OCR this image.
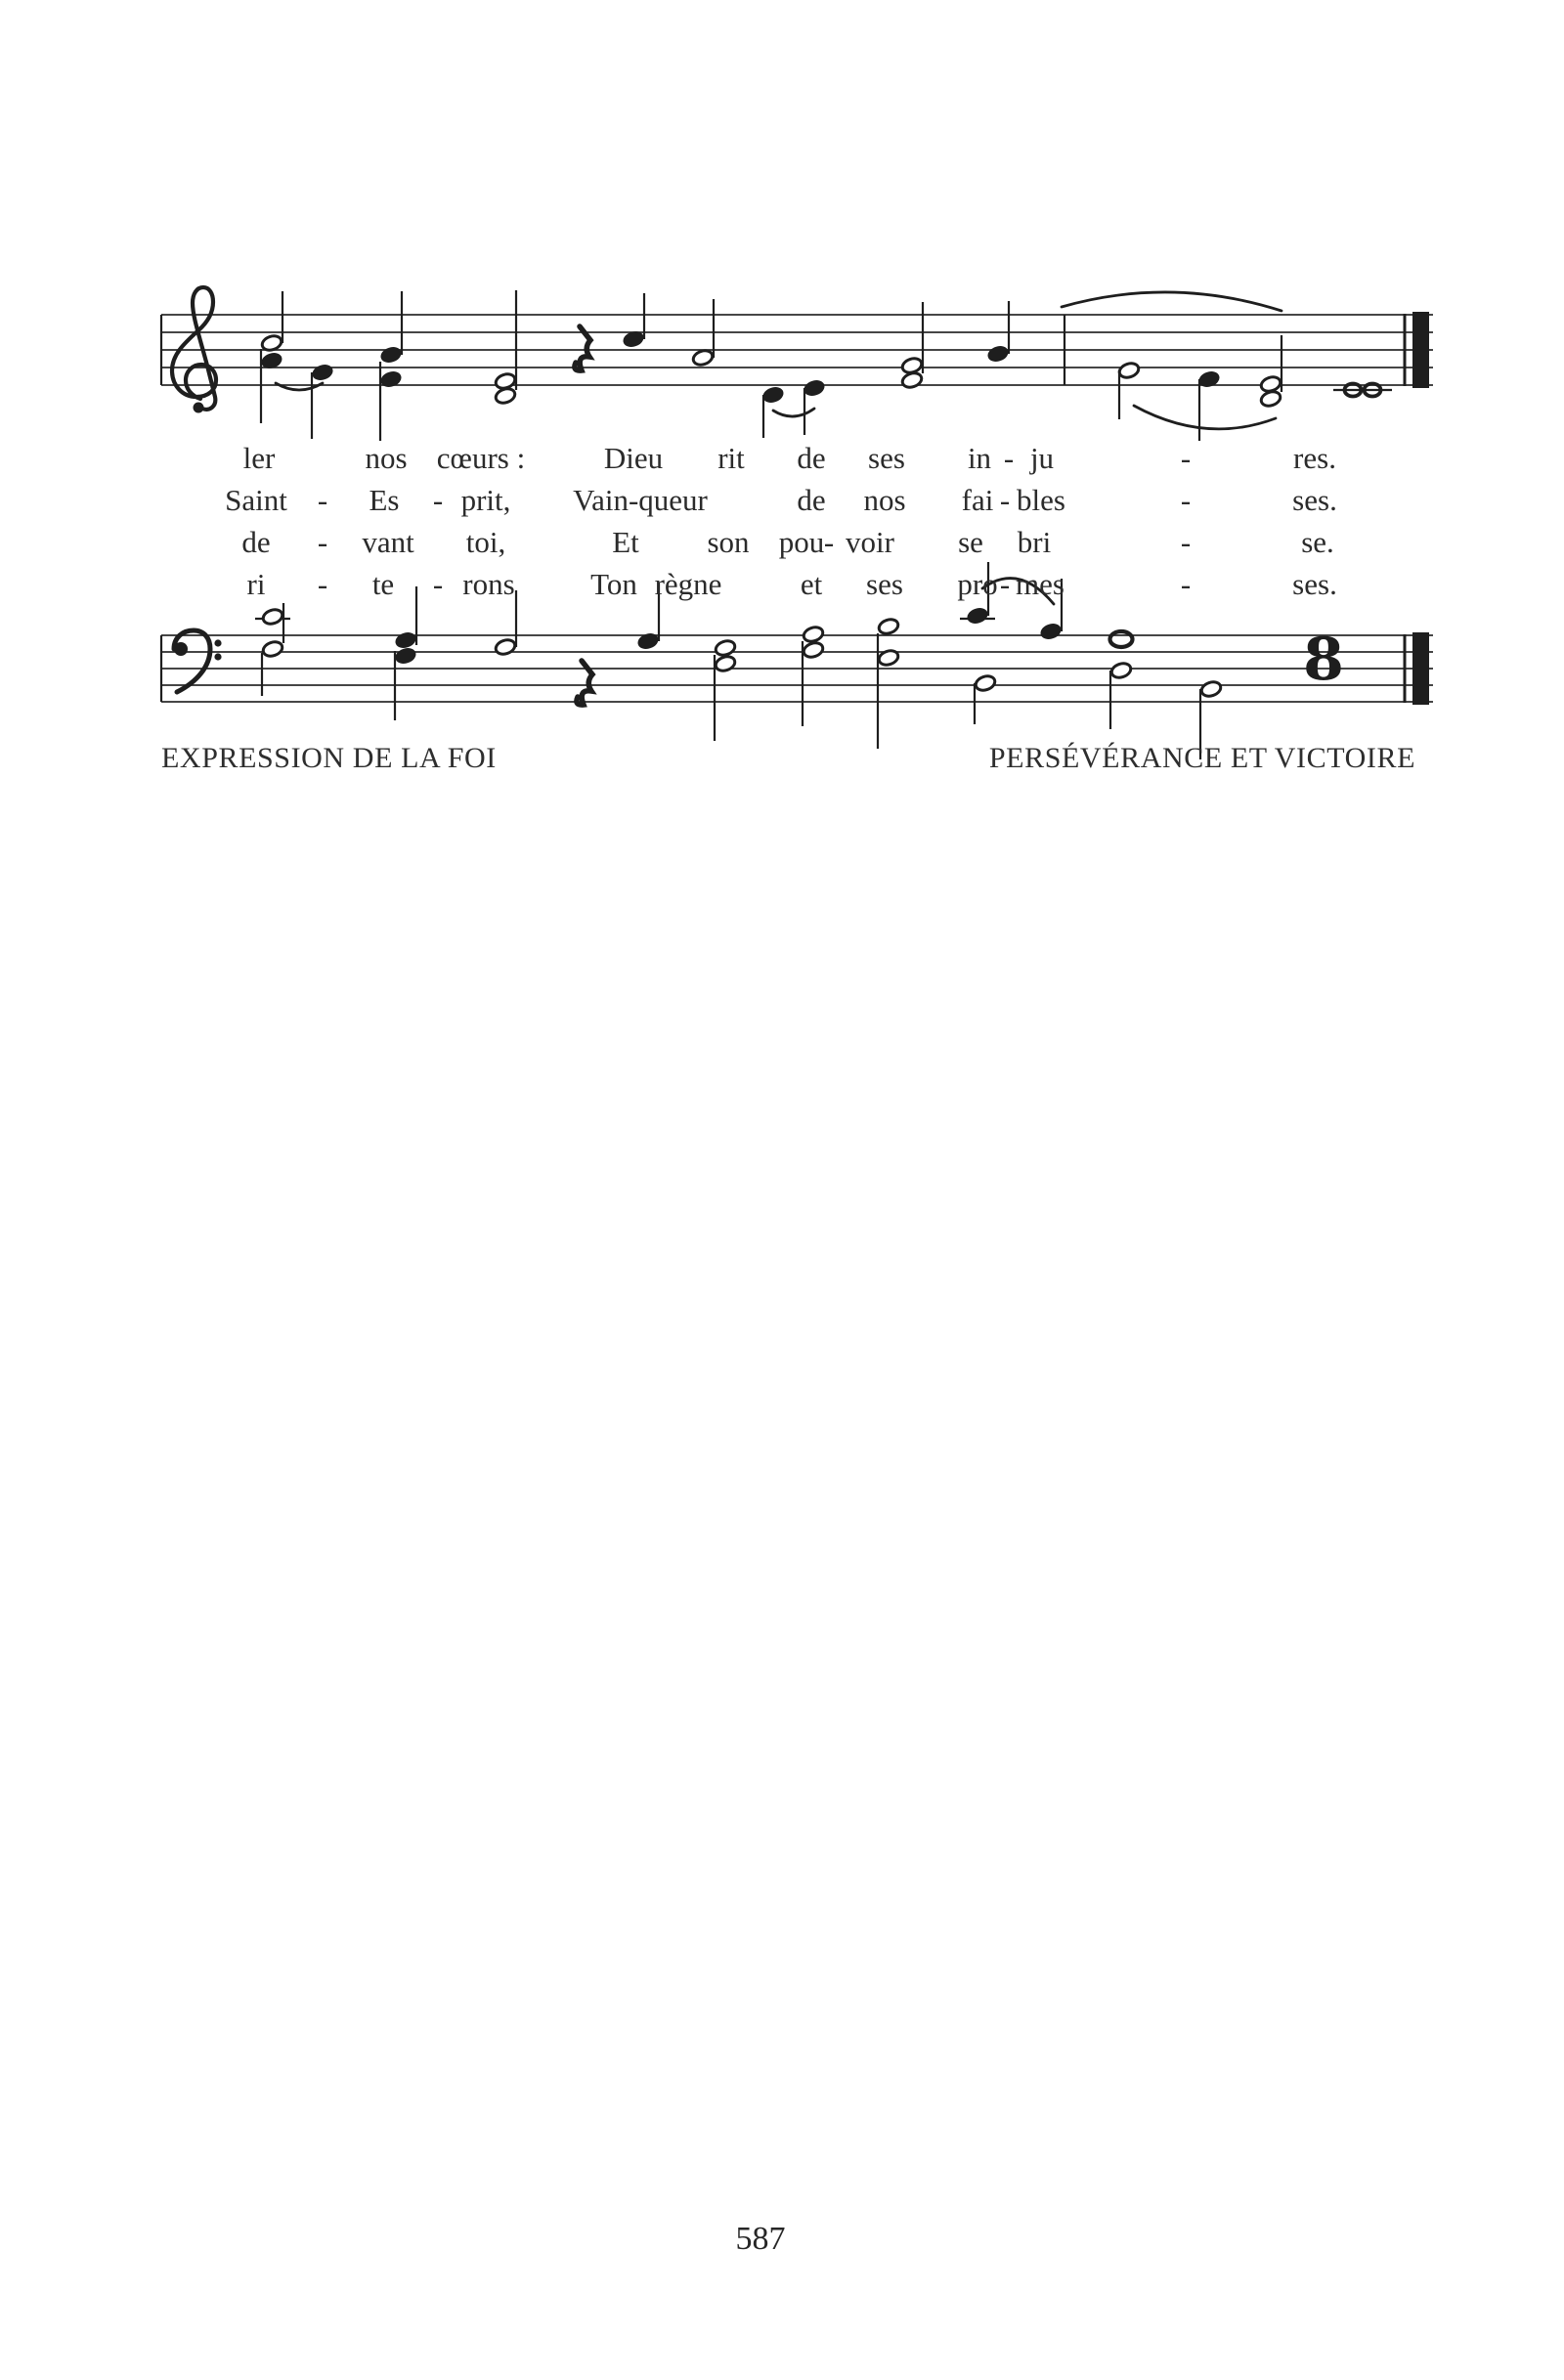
8
ler	nos cœurs :	Dieu rit de ses in - ju	-	res.
Saint - Es - prit, Vain-queur	de nos fai - bles	-	ses.
de - vant toi,	Et son pou - voir se bri	-	se.
ri - te - rons Ton règne	et ses pro - mes	-	ses.
EXPRESSION DE LA FOI	PERSÉVÉRANCE ET VICTOIRE
587
